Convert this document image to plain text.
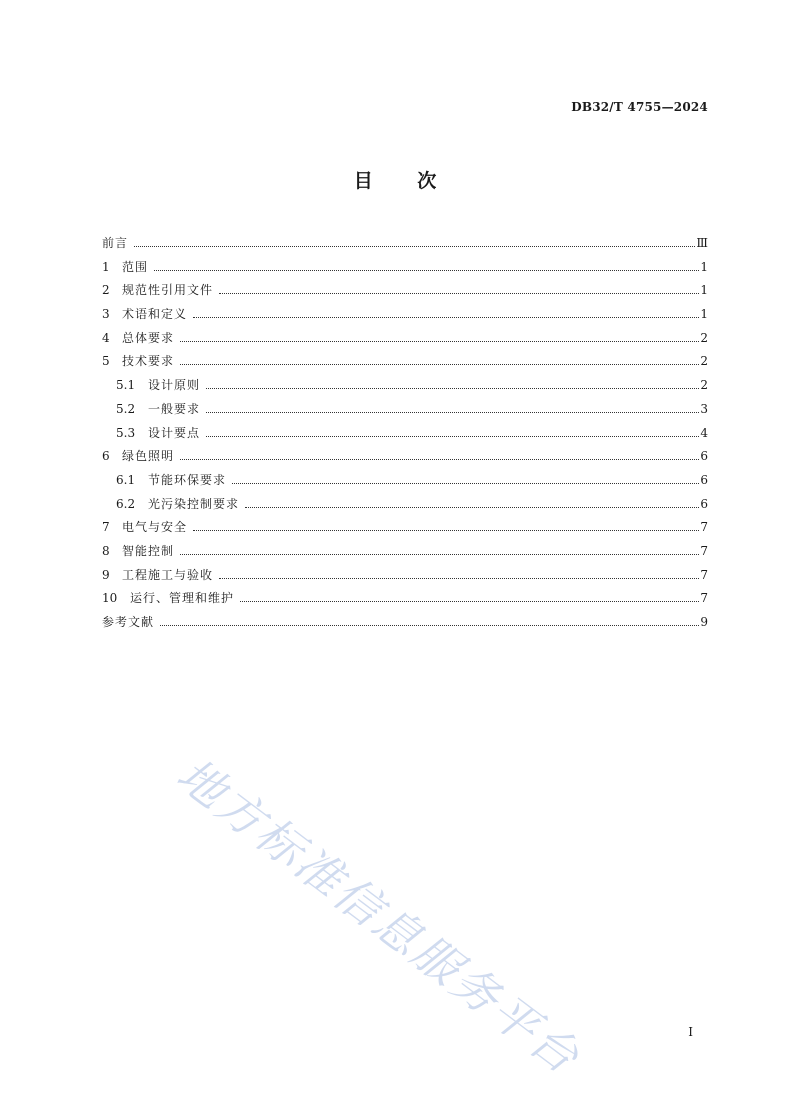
DB32/T 4755—2024
目 次
前言	Ⅲ
1	范围	1
2	规范性引用文件	1
3	术语和定义	1
4	总体要求	2
5	技术要求	2
5.1	设计原则	2
5.2	一般要求	3
5.3	设计要点	4
6	绿色照明	6
6.1	节能环保要求	6
6.2	光污染控制要求	6
7	电气与安全	7
8	智能控制	7
9	工程施工与验收	7
10	运行、管理和维护	7
参考文献	9
地方标准信息服务平台	I
